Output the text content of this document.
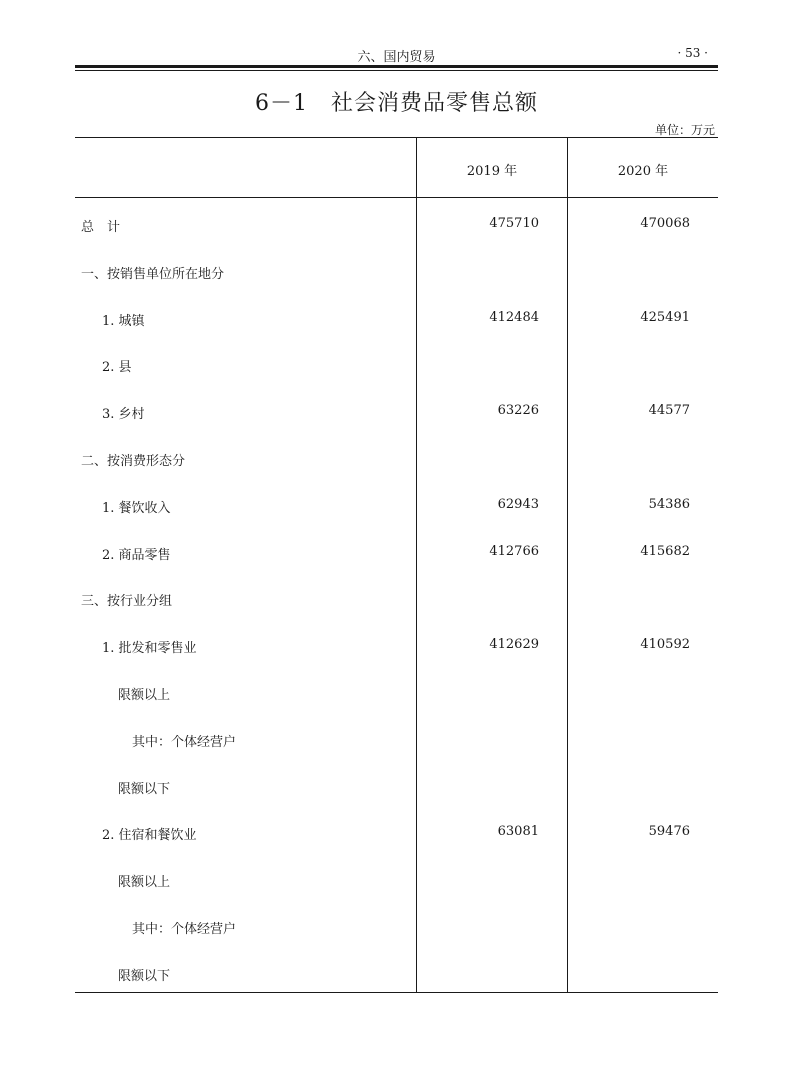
六、国内贸易	· 53 ·
6－1　社会消费品零售总额
单位：万元
2019 年	2020 年
总　计	475710	470068
一、按销售单位所在地分
1. 城镇	412484	425491
2. 县
3. 乡村	63226	44577
二、按消费形态分
1. 餐饮收入	62943	54386
2. 商品零售	412766	415682
三、按行业分组
1. 批发和零售业	412629	410592
限额以上
其中：个体经营户
限额以下
2. 住宿和餐饮业	63081	59476
限额以上
其中：个体经营户
限额以下
